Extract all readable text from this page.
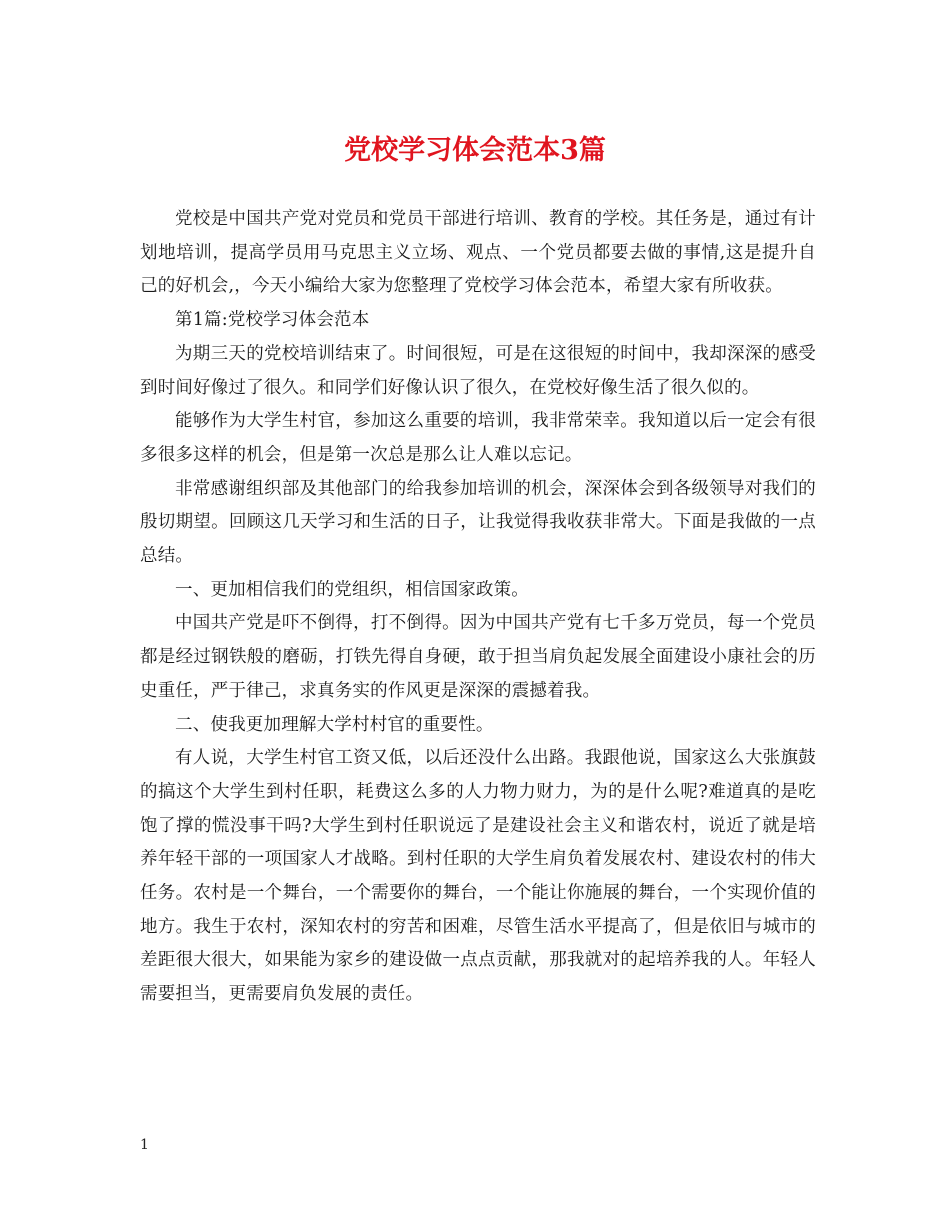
党校学习体会范本3篇

党校是中国共产党对党员和党员干部进行培训、教育的学校。其任务是，通过有计划地培训，提高学员用马克思主义立场、观点、一个党员都要去做的事情,这是提升自己的好机会,，今天小编给大家为您整理了党校学习体会范本，希望大家有所收获。

第1篇:党校学习体会范本

为期三天的党校培训结束了。时间很短，可是在这很短的时间中，我却深深的感受到时间好像过了很久。和同学们好像认识了很久，在党校好像生活了很久似的。

能够作为大学生村官，参加这么重要的培训，我非常荣幸。我知道以后一定会有很多很多这样的机会，但是第一次总是那么让人难以忘记。

非常感谢组织部及其他部门的给我参加培训的机会，深深体会到各级领导对我们的殷切期望。回顾这几天学习和生活的日子，让我觉得我收获非常大。下面是我做的一点总结。

一、更加相信我们的党组织，相信国家政策。

中国共产党是吓不倒得，打不倒得。因为中国共产党有七千多万党员，每一个党员都是经过钢铁般的磨砺，打铁先得自身硬，敢于担当肩负起发展全面建设小康社会的历史重任，严于律己，求真务实的作风更是深深的震撼着我。

二、使我更加理解大学村村官的重要性。

有人说，大学生村官工资又低，以后还没什么出路。我跟他说，国家这么大张旗鼓的搞这个大学生到村任职，耗费这么多的人力物力财力，为的是什么呢?难道真的是吃饱了撑的慌没事干吗?大学生到村任职说远了是建设社会主义和谐农村，说近了就是培养年轻干部的一项国家人才战略。到村任职的大学生肩负着发展农村、建设农村的伟大任务。农村是一个舞台，一个需要你的舞台，一个能让你施展的舞台，一个实现价值的地方。我生于农村，深知农村的穷苦和困难，尽管生活水平提高了，但是依旧与城市的差距很大很大，如果能为家乡的建设做一点点贡献，那我就对的起培养我的人。年轻人需要担当，更需要肩负发展的责任。

1
